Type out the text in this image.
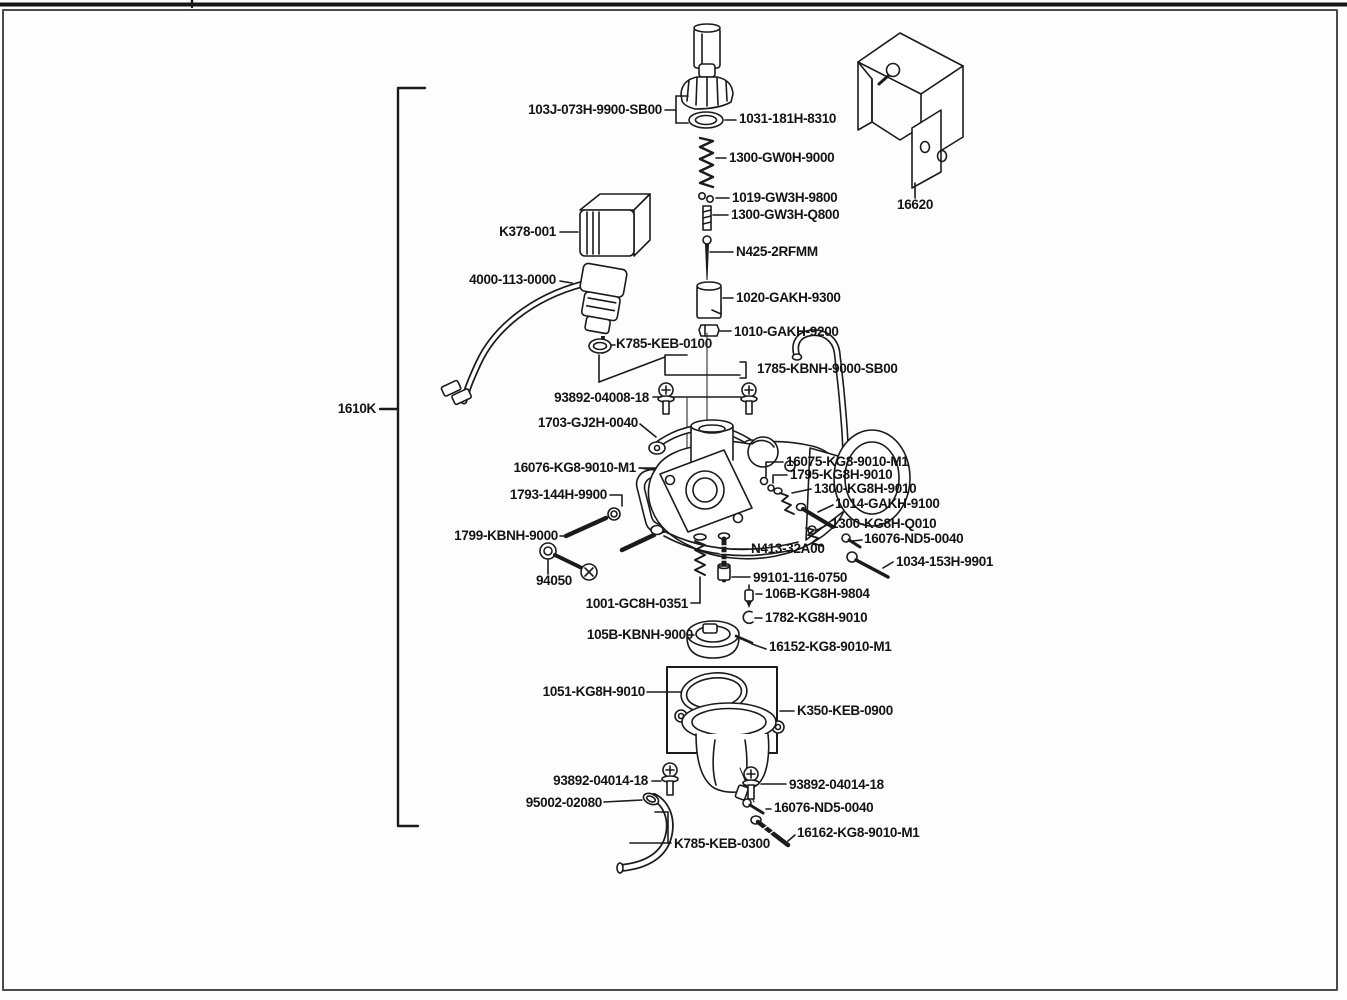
103J-073H-9900-SB00
1031-181H-8310
1300-GW0H-9000
1019-GW3H-9800
1300-GW3H-Q800
N425-2RFMM
1020-GAKH-9300
1010-GAKH-9200
16620
K378-001
4000-113-0000
K785-KEB-0100
1785-KBNH-9000-SB00
93892-04008-18
1703-GJ2H-0040
16076-KG8-9010-M1
1793-144H-9900
1799-KBNH-9000
94050
1001-GC8H-0351
105B-KBNH-9000
16152-KG8-9010-M1
16075-KG8-9010-M1
1795-KG8H-9010
1300-KG8H-9010
1014-GAKH-9100
1300-KG8H-Q010
16076-ND5-0040
1034-153H-9901
N413-32A00
99101-116-0750
106B-KG8H-9804
1782-KG8H-9010
1051-KG8H-9010
K350-KEB-0900
93892-04014-18	93892-04014-18
95002-02080	16076-ND5-0040
16162-KG8-9010-M1
K785-KEB-0300
1610K
